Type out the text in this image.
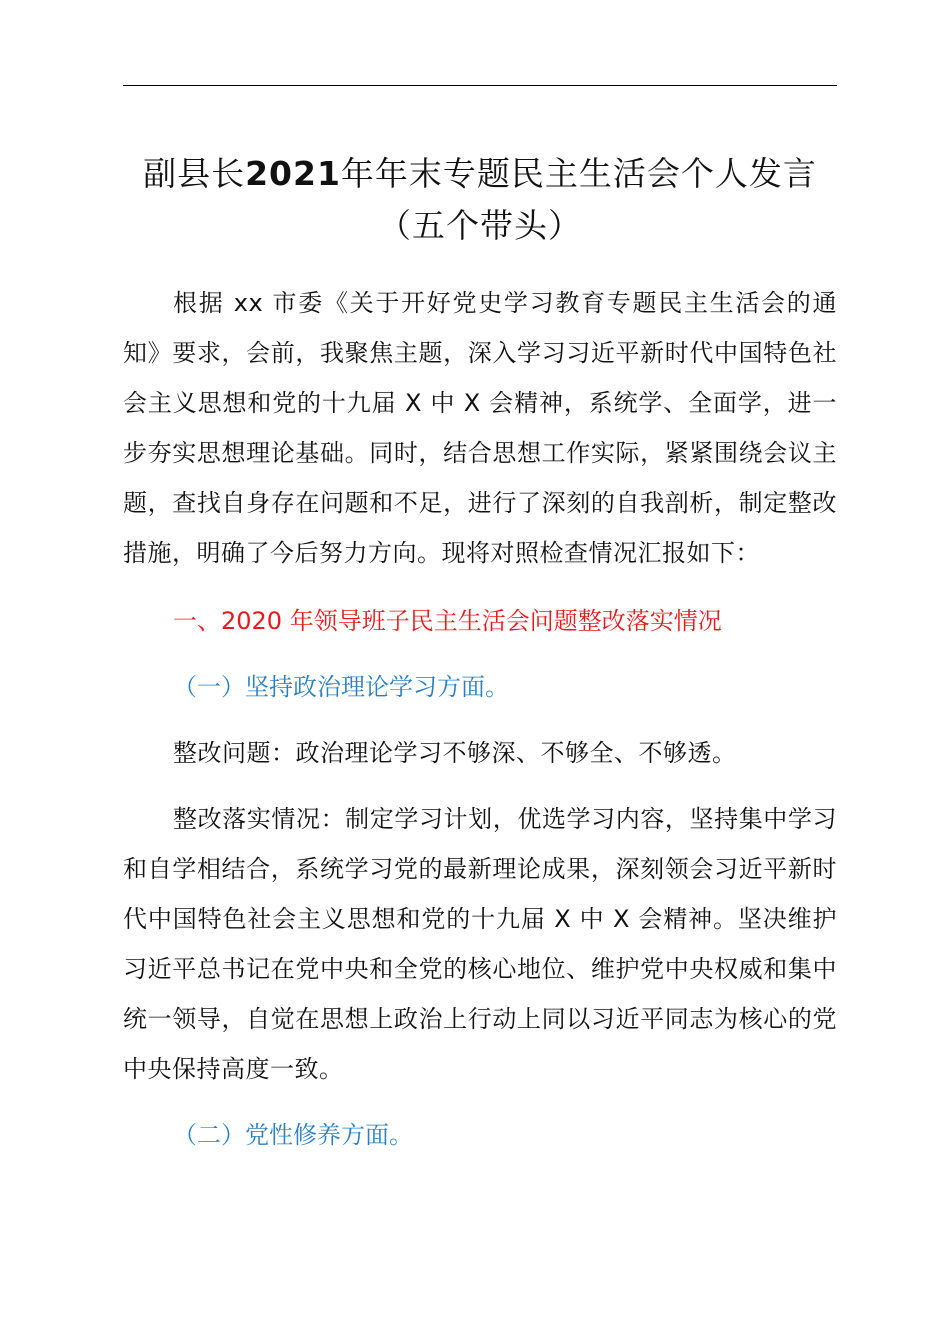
副县长2021年年末专题民主生活会个人发言
（五个带头）

根据 xx 市委《关于开好党史学习教育专题民主生活会的通知》要求，会前，我聚焦主题，深入学习习近平新时代中国特色社会主义思想和党的十九届 X 中 X 会精神，系统学、全面学，进一步夯实思想理论基础。同时，结合思想工作实际，紧紧围绕会议主题，查找自身存在问题和不足，进行了深刻的自我剖析，制定整改措施，明确了今后努力方向。现将对照检查情况汇报如下：

一、2020 年领导班子民主生活会问题整改落实情况

（一）坚持政治理论学习方面。

整改问题：政治理论学习不够深、不够全、不够透。

整改落实情况：制定学习计划，优选学习内容，坚持集中学习和自学相结合，系统学习党的最新理论成果，深刻领会习近平新时代中国特色社会主义思想和党的十九届 X 中 X 会精神。坚决维护习近平总书记在党中央和全党的核心地位、维护党中央权威和集中统一领导，自觉在思想上政治上行动上同以习近平同志为核心的党中央保持高度一致。

（二）党性修养方面。
